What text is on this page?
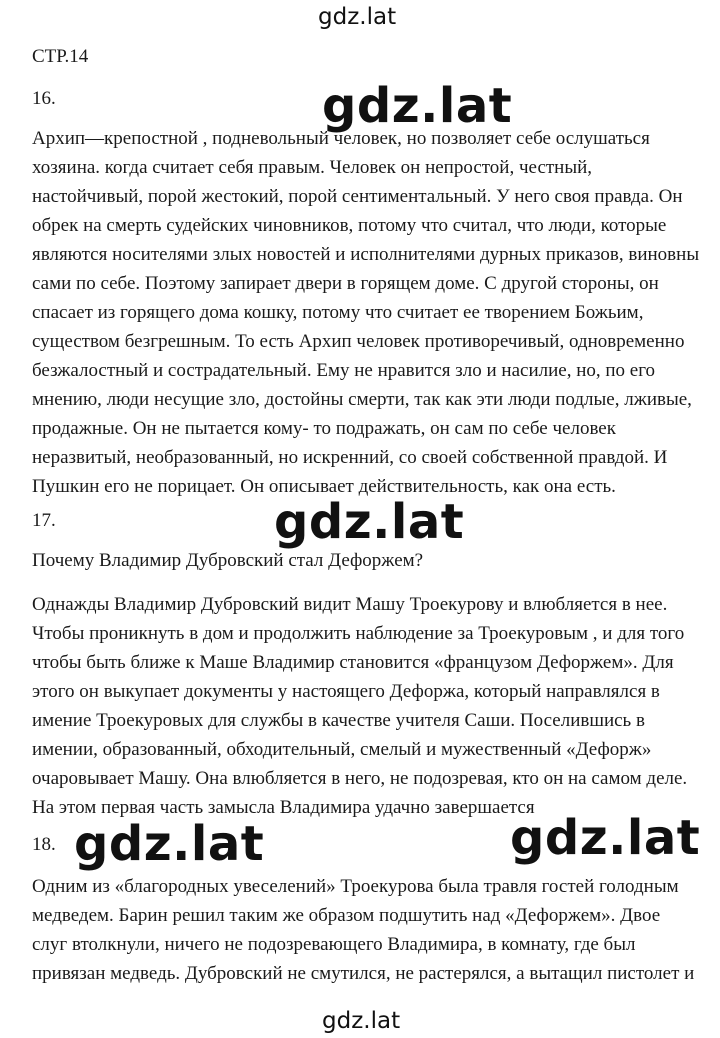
gdz.lat
СТР.14
16.	gdz.lat

Архип—крепостной , подневольный человек, но позволяет себе ослушаться

хозяина. когда считает себя правым. Человек он непростой, честный,

настойчивый, порой жестокий, порой сентиментальный. У него своя правда. Он

обрек на смерть судейских чиновников, потому что считал, что люди, которые

являются носителями злых новостей и исполнителями дурных приказов, виновны

сами по себе. Поэтому запирает двери в горящем доме. С другой стороны, он

спасает из горящего дома кошку, потому что считает ее творением Божьим,

существом безгрешным. То есть Архип человек противоречивый, одновременно

безжалостный и сострадательный. Ему не нравится зло и насилие, но, по его

мнению, люди несущие зло, достойны смерти, так как эти люди подлые, лживые,

продажные. Он не пытается кому- то подражать, он сам по себе человек

неразвитый, необразованный, но искренний, со своей собственной правдой. И

Пушкин его не порицает. Он описывает действительность, как она есть.

17.	gdz.lat
Почему Владимир Дубровский стал Дефоржем?

Однажды Владимир Дубровский видит Машу Троекурову и влюбляется в нее.

Чтобы проникнуть в дом и продолжить наблюдение за Троекуровым , и для того

чтобы быть ближе к Маше Владимир становится «французом Дефоржем». Для

этого он выкупает документы у настоящего Дефоржа, который направлялся в

имение Троекуровых для службы в качестве учителя Саши. Поселившись в

имении, образованный, обходительный, смелый и мужественный «Дефорж»

очаровывает Машу. Она влюбляется в него, не подозревая, кто он на самом деле.

На этом первая часть замысла Владимира удачно завершается

18. gdz.lat	gdz.lat

Одним из «благородных увеселений» Троекурова была травля гостей голодным

медведем. Барин решил таким же образом подшутить над «Дефоржем». Двое

слуг втолкнули, ничего не подозревающего Владимира, в комнату, где был

привязан медведь. Дубровский не смутился, не растерялся, а вытащил пистолет и

gdz.lat
